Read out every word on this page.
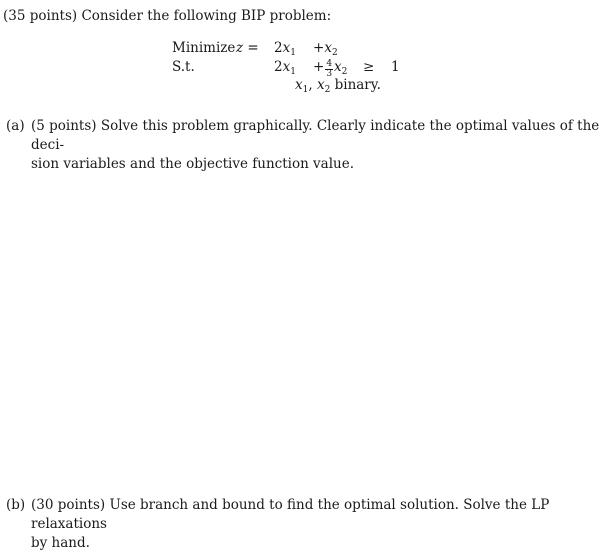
(35 points) Consider the following BIP problem:
Minimize $z = 2x_1 +x_2$
S.t.	$2x_1 + \frac{4}{3} x_2 \ge 1$
$x_1$, $x_2$ binary.
(a) (5 points) Solve this problem graphically. Clearly indicate the optimal values of the deci-
sion variables and the objective function value.
(b) (30 points) Use branch and bound to find the optimal solution. Solve the LP relaxations
by hand.
